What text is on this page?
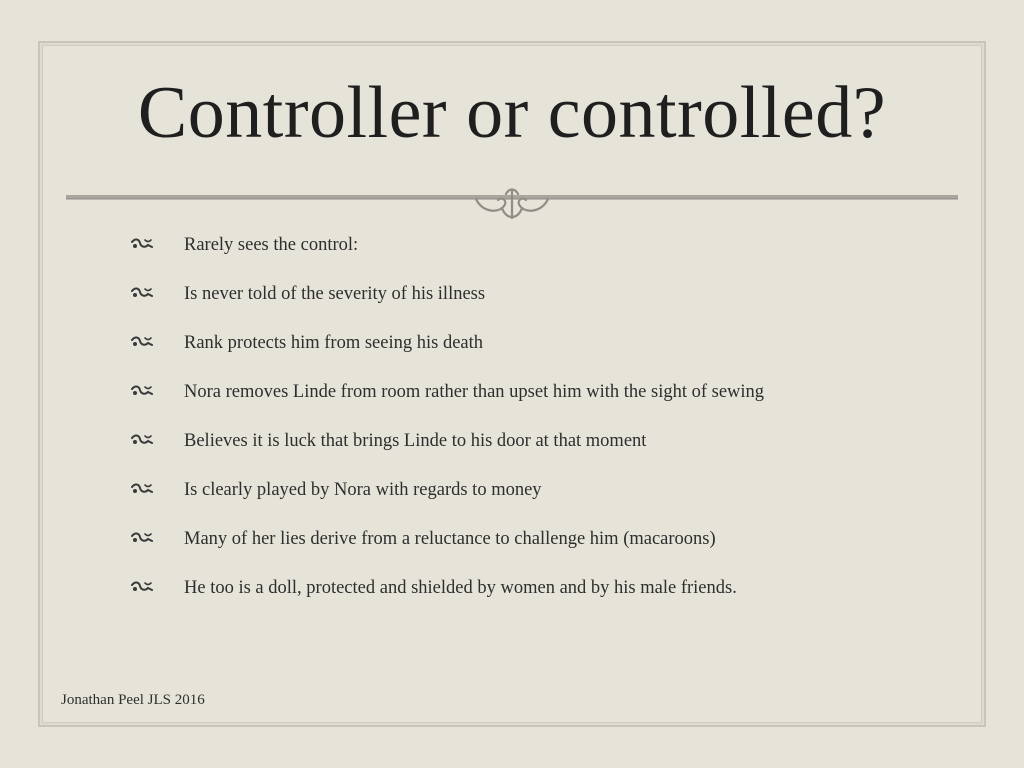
Controller or controlled?
Rarely sees the control:
Is never told of the severity of his illness
Rank protects him from seeing his death
Nora removes Linde from room rather than upset him with the sight of sewing
Believes it is luck that brings Linde to his door at that moment
Is clearly played by Nora with regards to money
Many of her lies derive from a reluctance to challenge him (macaroons)
He too is a doll, protected and shielded by women and by his male friends.
Jonathan Peel JLS 2016
